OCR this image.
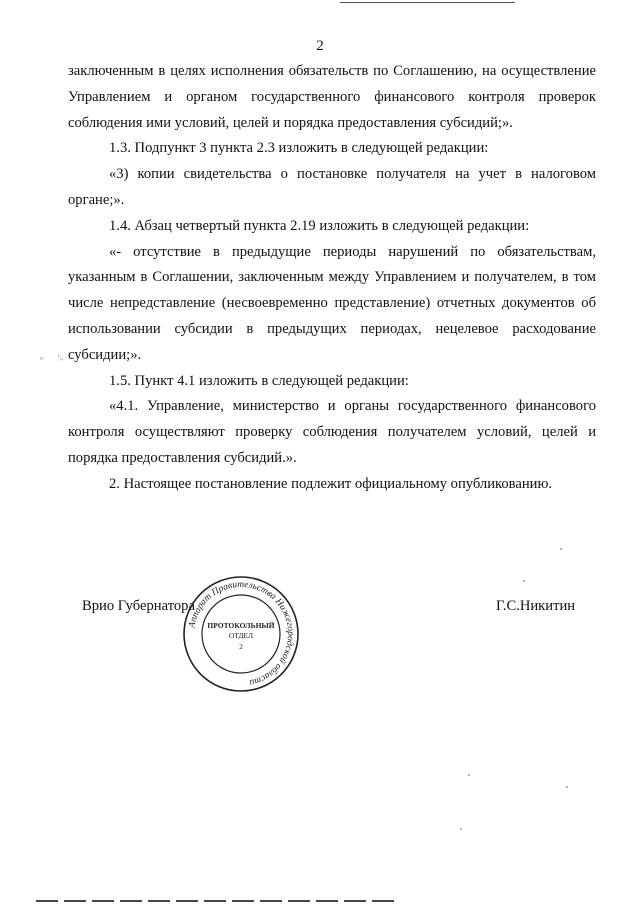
2

заключенным в целях исполнения обязательств по Соглашению, на осуществление Управлением и органом государственного финансового контроля проверок соблюдения ими условий, целей и порядка предоставления субсидий;».

1.3. Подпункт 3 пункта 2.3 изложить в следующей редакции:

«3) копии свидетельства о постановке получателя на учет в налоговом органе;».

1.4. Абзац четвертый пункта 2.19 изложить в следующей редакции:

«- отсутствие в предыдущие периоды нарушений по обязательствам, указанным в Соглашении, заключенным между Управлением и получателем, в том числе непредставление (несвоевременно представление) отчетных документов об использовании субсидии в предыдущих периодах, нецелевое расходование субсидии;».

1.5. Пункт 4.1 изложить в следующей редакции:

«4.1. Управление, министерство и органы государственного финансового контроля осуществляют проверку соблюдения получателем условий, целей и порядка предоставления субсидий.».

2. Настоящее постановление подлежит официальному опубликованию.

ᵢₒ ᶜ₀
Врио Губернатора	Г.С.Никитин
Аппарат Правительства Нижегородской области
ПРОТОКОЛЬНЫЙ
ОТДЕЛ
2
